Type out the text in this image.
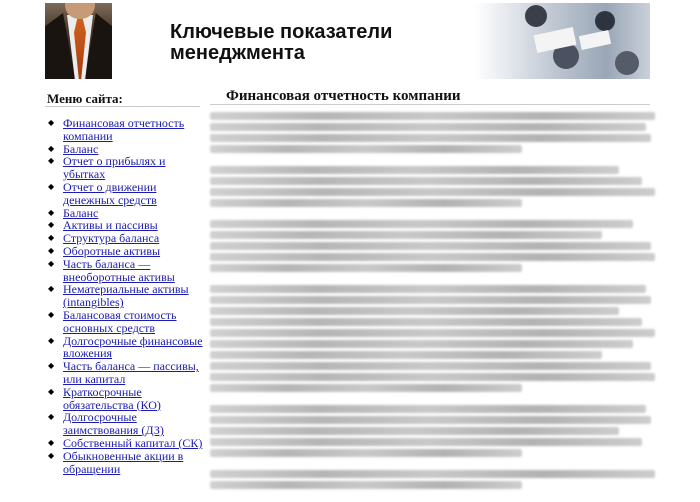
Ключевые показатели
менеджмента
Меню сайта:
◆ Финансовая отчетность компании
◆ Баланс
◆ Отчет о прибылях и убытках
◆ Отчет о движении денежных средств
◆ Баланс
◆ Активы и пассивы
◆ Структура баланса
◆ Оборотные активы
◆ Часть баланса — внеоборотные активы
◆ Нематериальные активы (intangibles)
◆ Балансовая стоимость основных средств
◆ Долгосрочные финансовые вложения
◆ Часть баланса — пассивы, или капитал
◆ Краткосрочные обязательства (КО)
◆ Долгосрочные заимствования (ДЗ)
◆ Собственный капитал (СК)
◆ Обыкновенные акции в обращении
Финансовая отчетность компании
